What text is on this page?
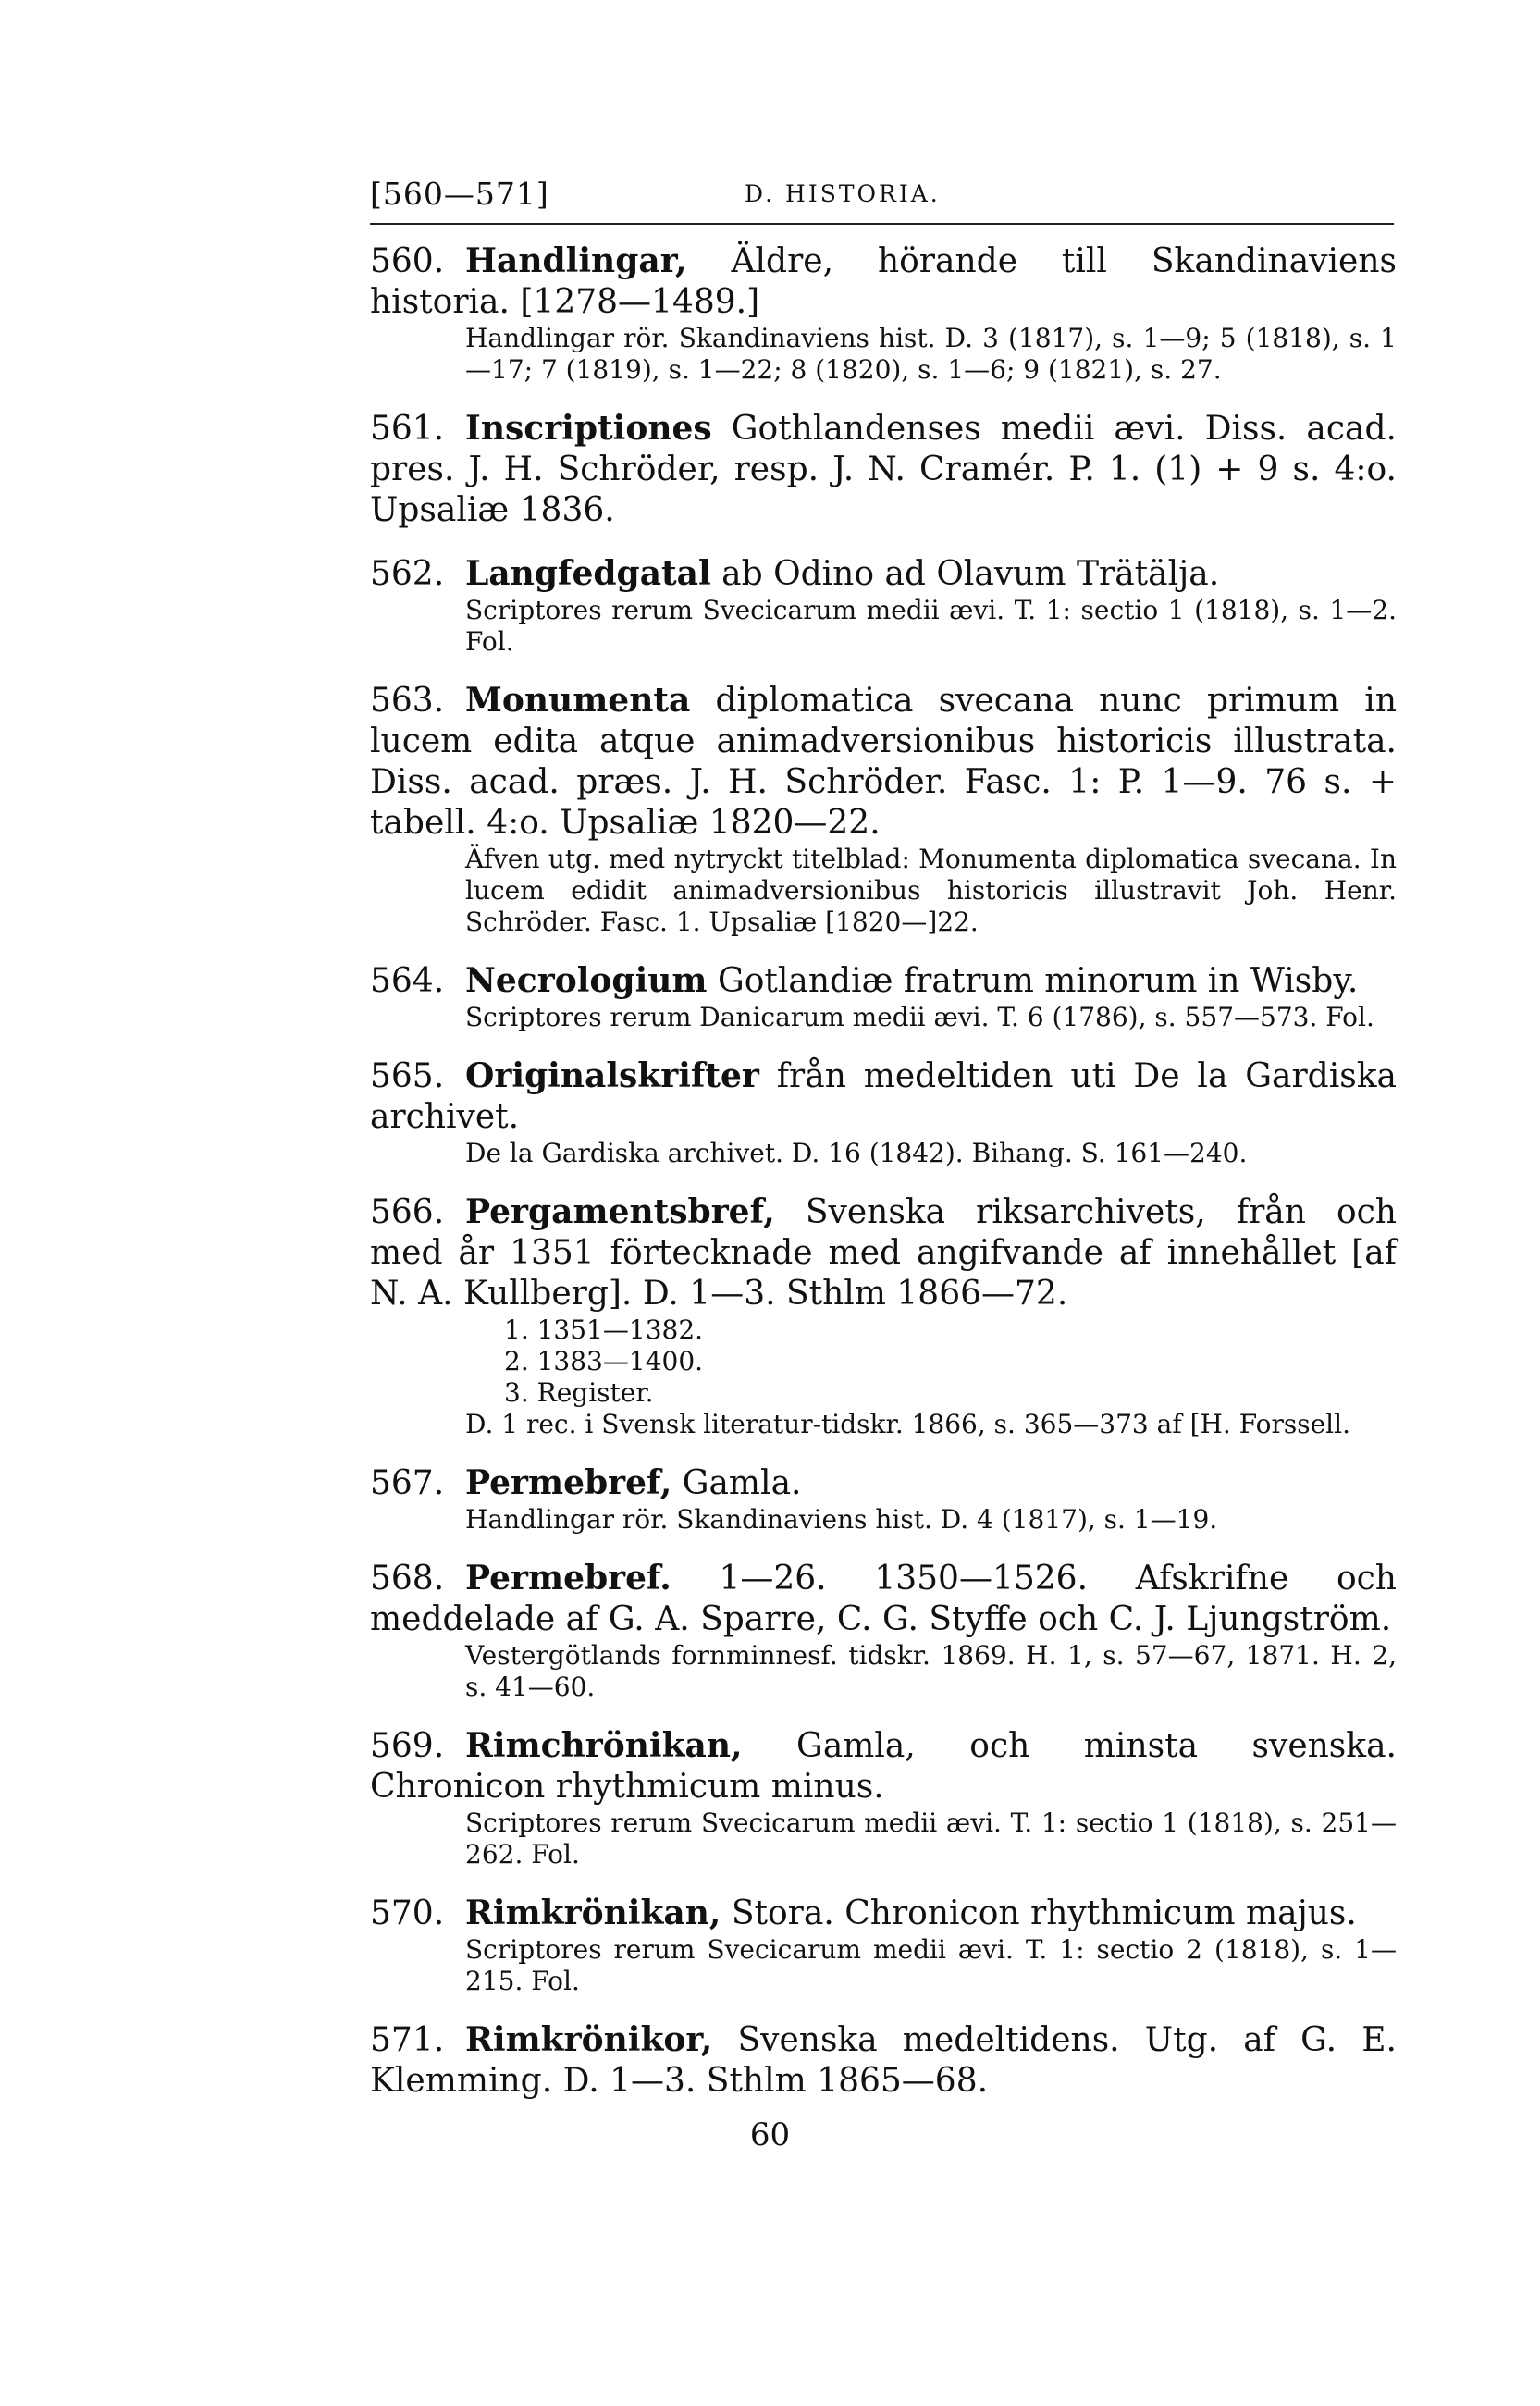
[560—571]	D. HISTORIA.
560. Handlingar, Äldre, hörande till Skandinaviens historia. [1278—1489.]
Handlingar rör. Skandinaviens hist. D. 3 (1817), s. 1—9; 5 (1818), s. 1—17; 7 (1819), s. 1—22; 8 (1820), s. 1—6; 9 (1821), s. 27.
561. Inscriptiones Gothlandenses medii ævi. Diss. acad. pres. J. H. Schröder, resp. J. N. Cramér. P. 1. (1) + 9 s. 4:o. Upsaliæ 1836.
562. Langfedgatal ab Odino ad Olavum Trätälja.
Scriptores rerum Svecicarum medii ævi. T. 1: sectio 1 (1818), s. 1—2. Fol.
563. Monumenta diplomatica svecana nunc primum in lucem edita atque animadversionibus historicis illustrata. Diss. acad. præs. J. H. Schröder. Fasc. 1: P. 1—9. 76 s. + tabell. 4:o. Upsaliæ 1820—22.
Äfven utg. med nytryckt titelblad: Monumenta diplomatica svecana. In lucem edidit animadversionibus historicis illustravit Joh. Henr. Schröder. Fasc. 1. Upsaliæ [1820—]22.
564. Necrologium Gotlandiæ fratrum minorum in Wisby.
Scriptores rerum Danicarum medii ævi. T. 6 (1786), s. 557—573. Fol.
565. Originalskrifter från medeltiden uti De la Gardiska archivet.
De la Gardiska archivet. D. 16 (1842). Bihang. S. 161—240.
566. Pergamentsbref, Svenska riksarchivets, från och med år 1351 förtecknade med angifvande af innehållet [af N. A. Kullberg]. D. 1—3. Sthlm 1866—72.
1. 1351—1382.
2. 1383—1400.
3. Register.
D. 1 rec. i Svensk literatur-tidskr. 1866, s. 365—373 af [H. Forssell.
567. Permebref, Gamla.
Handlingar rör. Skandinaviens hist. D. 4 (1817), s. 1—19.
568. Permebref. 1—26. 1350—1526. Afskrifne och meddelade af G. A. Sparre, C. G. Styffe och C. J. Ljungström.
Vestergötlands fornminnesf. tidskr. 1869. H. 1, s. 57—67, 1871. H. 2, s. 41—60.
569. Rimchrönikan, Gamla, och minsta svenska. Chronicon rhythmicum minus.
Scriptores rerum Svecicarum medii ævi. T. 1: sectio 1 (1818), s. 251—262. Fol.
570. Rimkrönikan, Stora. Chronicon rhythmicum majus.
Scriptores rerum Svecicarum medii ævi. T. 1: sectio 2 (1818), s. 1—215. Fol.
571. Rimkrönikor, Svenska medeltidens. Utg. af G. E. Klemming. D. 1—3. Sthlm 1865—68.
60
